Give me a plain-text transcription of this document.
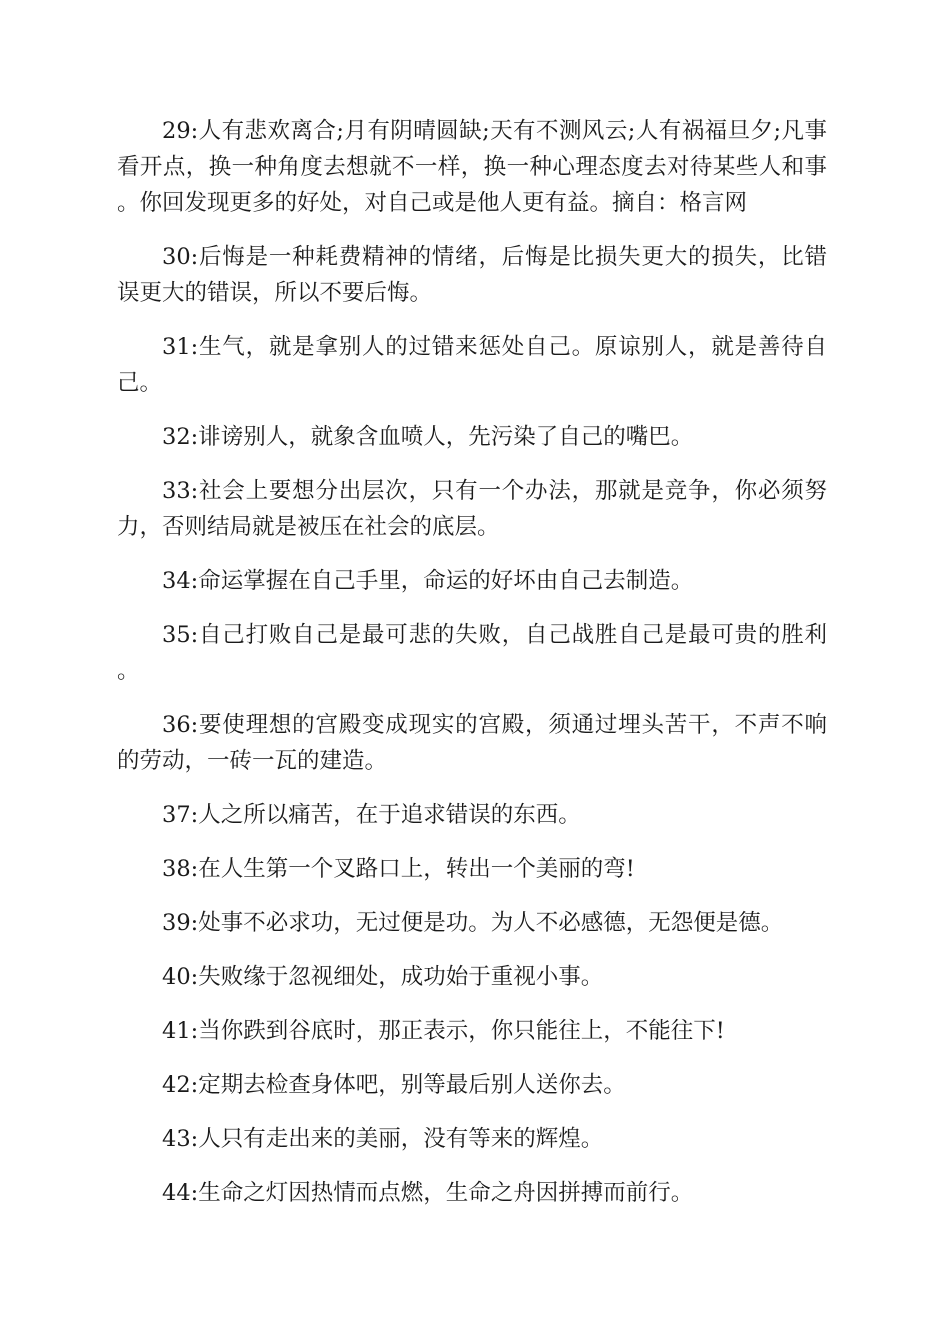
29:人有悲欢离合;月有阴晴圆缺;天有不测风云;人有祸福旦夕;凡事看开点，换一种角度去想就不一样，换一种心理态度去对待某些人和事。你回发现更多的好处，对自己或是他人更有益。摘自：格言网

30:后悔是一种耗费精神的情绪，后悔是比损失更大的损失，比错误更大的错误，所以不要后悔。

31:生气，就是拿别人的过错来惩处自己。原谅别人，就是善待自己。

32:诽谤别人，就象含血喷人，先污染了自己的嘴巴。

33:社会上要想分出层次，只有一个办法，那就是竞争，你必须努力，否则结局就是被压在社会的底层。

34:命运掌握在自己手里，命运的好坏由自己去制造。

35:自己打败自己是最可悲的失败，自己战胜自己是最可贵的胜利。

36:要使理想的宫殿变成现实的宫殿，须通过埋头苦干，不声不响的劳动，一砖一瓦的建造。

37:人之所以痛苦，在于追求错误的东西。

38:在人生第一个叉路口上，转出一个美丽的弯!

39:处事不必求功，无过便是功。为人不必感德，无怨便是德。

40:失败缘于忽视细处，成功始于重视小事。

41:当你跌到谷底时，那正表示，你只能往上，不能往下!

42:定期去检查身体吧，别等最后别人送你去。

43:人只有走出来的美丽，没有等来的辉煌。

44:生命之灯因热情而点燃，生命之舟因拼搏而前行。
